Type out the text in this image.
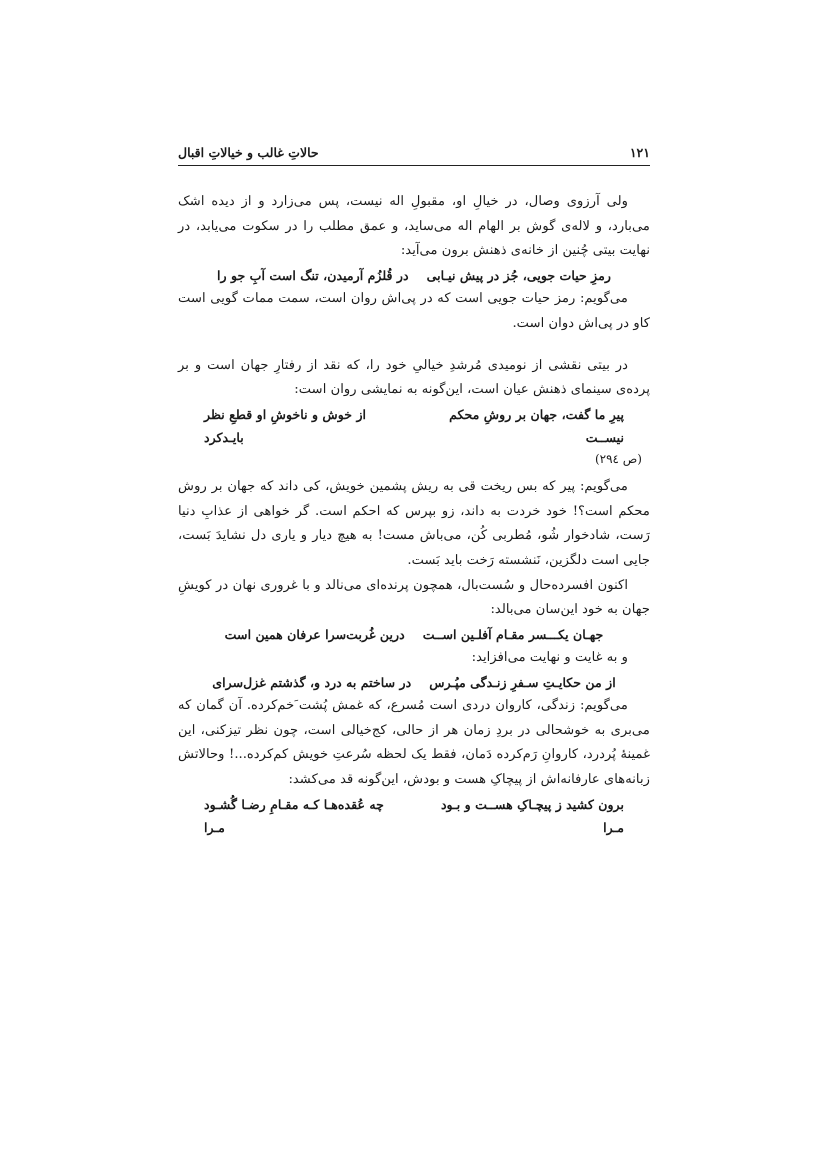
۱۲۱
حالاتِ غالب و خیالاتِ اقبال

ولی آرزوی وصال، در خیالِ او، مقبولِ اله نیست، پس می‌زارد و از دیده اشک می‌بارد، و لاله‌ی گوش بر الهام اله می‌ساید، و عمق مطلب را در سکوت می‌یابد، در نهایت بیتی چُنین از خانه‌ی ذهنش برون می‌آید:

رمزِ حیات جویی، جُز در پیش نیـابی
در قُلزُم آرمیدن، تنگ است آبِ جو را

می‌گویم: رمز حیات جویی است که در پی‌اش روان است، سمت ممات گویی است کاو در پی‌اش دوان است.

در بیتی نقشی از نومیدی مُرشدِ خیالیِ خود را، که نقد از رفتارِ جهان است و بر پرده‌ی سینمای ذهنش عیان است، این‌گونه به نمایشی روان است:

پیرِ ما گفت، جهان بر روشِ محکم نیســت
از خوش و ناخوشِ او قطعِ نظر بایـدکرد
(ص ۲۹٤)

می‌گویم: پیر که بس ریخت قی به ریش پشمین خویش، کی داند که جهان بر روش محکم است؟! خود خردت به داند، زو بپرس که احکم است. گر خواهی از عذابِ دنیا رَست، شادخوار شُو، مُطربی کُن، می‌باش مست! به هیچ دیار و یاری دل نشایدَ بَست، جایی است دلگزین، نَنشسته رَخت باید بَست.

اکنون افسرده‌حال و سُست‌بال، همچون پرنده‌ای می‌نالد و با غروری نهان در کویشِ جهان به خود این‌سان می‌بالد:

جهـان یکـــسر مقـام آفلـین اســت
درین غُربت‌سرا عرفان همین است

و به غایت و نهایت می‌افزاید:

از من حکایـتِ سـفرِ زنـدگی مپُـرس
در ساختم به درد و، گذشتم غزل‌سرای

می‌گویم: زندگی، کاروان دردی است مُسرع، که غمش پُشت َخم‌کرده. آن گمان که می‌بری به خوشحالی در بردِ زمان هر از حالی، کج‌خیالی است، چون نظر تیزکنی، این غمینهٔ پُردرد، کاروانِ رَم‌کرده دَمان، فقط یک لحظه سُرعتِ خویش کم‌کرده...! وحالاتش زبانه‌های عارفانه‌اش از پیچاکِ هست و بودش، این‌گونه قد می‌کشد:

برون کشید ز پیچـاکِ هســت و بـود مـرا
چه عُقده‌هـا کـه مقـامِ رضـا گُشـود مـرا
